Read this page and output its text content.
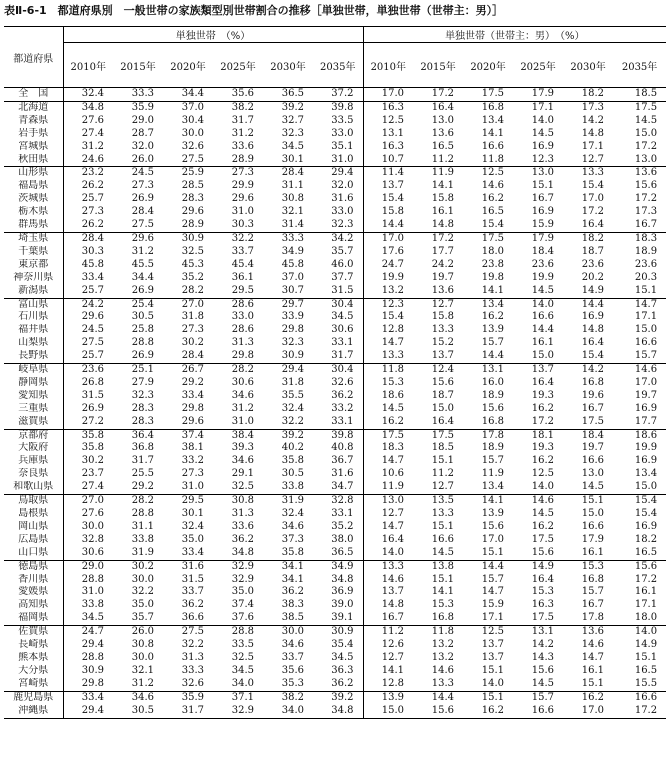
表Ⅱ-6-1　都道府県別　一般世帯の家族類型別世帯割合の推移［単独世帯，単独世帯（世帯主：男）］
都道府県	単独世帯　（%）						単独世帯（世帯主：男）　（%）					
	2010年	2015年	2020年	2025年	2030年	2035年	2010年	2015年	2020年	2025年	2030年	2035年
全　国	32.4	33.3	34.4	35.6	36.5	37.2	17.0	17.2	17.5	17.9	18.2	18.5
北海道	34.8	35.9	37.0	38.2	39.2	39.8	16.3	16.4	16.8	17.1	17.3	17.5
青森県	27.6	29.0	30.4	31.7	32.7	33.5	12.5	13.0	13.4	14.0	14.2	14.5
岩手県	27.4	28.7	30.0	31.2	32.3	33.0	13.1	13.6	14.1	14.5	14.8	15.0
宮城県	31.2	32.0	32.6	33.6	34.5	35.1	16.3	16.5	16.6	16.9	17.1	17.2
秋田県	24.6	26.0	27.5	28.9	30.1	31.0	10.7	11.2	11.8	12.3	12.7	13.0
山形県	23.2	24.5	25.9	27.3	28.4	29.4	11.4	11.9	12.5	13.0	13.3	13.6
福島県	26.2	27.3	28.5	29.9	31.1	32.0	13.7	14.1	14.6	15.1	15.4	15.6
茨城県	25.7	26.9	28.3	29.6	30.8	31.6	15.4	15.8	16.2	16.7	17.0	17.2
栃木県	27.3	28.4	29.6	31.0	32.1	33.0	15.8	16.1	16.5	16.9	17.2	17.3
群馬県	26.2	27.5	28.9	30.3	31.4	32.3	14.4	14.8	15.4	15.9	16.4	16.7
埼玉県	28.4	29.6	30.9	32.2	33.3	34.2	17.0	17.2	17.5	17.9	18.2	18.3
千葉県	30.3	31.2	32.5	33.7	34.9	35.7	17.6	17.7	18.0	18.4	18.7	18.9
東京都	45.8	45.5	45.3	45.4	45.8	46.0	24.7	24.2	23.8	23.6	23.6	23.6
神奈川県	33.4	34.4	35.2	36.1	37.0	37.7	19.9	19.7	19.8	19.9	20.2	20.3
新潟県	25.7	26.9	28.2	29.5	30.7	31.5	13.2	13.6	14.1	14.5	14.9	15.1
富山県	24.2	25.4	27.0	28.6	29.7	30.4	12.3	12.7	13.4	14.0	14.4	14.7
石川県	29.6	30.5	31.8	33.0	33.9	34.5	15.4	15.8	16.2	16.6	16.9	17.1
福井県	24.5	25.8	27.3	28.6	29.8	30.6	12.8	13.3	13.9	14.4	14.8	15.0
山梨県	27.5	28.8	30.2	31.3	32.3	33.1	14.7	15.2	15.7	16.1	16.4	16.6
長野県	25.7	26.9	28.4	29.8	30.9	31.7	13.3	13.7	14.4	15.0	15.4	15.7
岐阜県	23.6	25.1	26.7	28.2	29.4	30.4	11.8	12.4	13.1	13.7	14.2	14.6
静岡県	26.8	27.9	29.2	30.6	31.8	32.6	15.3	15.6	16.0	16.4	16.8	17.0
愛知県	31.5	32.3	33.4	34.6	35.5	36.2	18.6	18.7	18.9	19.3	19.6	19.7
三重県	26.9	28.3	29.8	31.2	32.4	33.2	14.5	15.0	15.6	16.2	16.7	16.9
滋賀県	27.2	28.3	29.6	31.0	32.2	33.1	16.2	16.4	16.8	17.2	17.5	17.7
京都府	35.8	36.4	37.4	38.4	39.2	39.8	17.5	17.5	17.8	18.1	18.4	18.6
大阪府	35.8	36.8	38.1	39.3	40.2	40.8	18.3	18.5	18.9	19.3	19.7	19.9
兵庫県	30.2	31.7	33.2	34.6	35.8	36.7	14.7	15.1	15.7	16.2	16.6	16.9
奈良県	23.7	25.5	27.3	29.1	30.5	31.6	10.6	11.2	11.9	12.5	13.0	13.4
和歌山県	27.4	29.2	31.0	32.5	33.8	34.7	11.9	12.7	13.4	14.0	14.5	15.0
鳥取県	27.0	28.2	29.5	30.8	31.9	32.8	13.0	13.5	14.1	14.6	15.1	15.4
島根県	27.6	28.8	30.1	31.3	32.4	33.1	12.7	13.3	13.9	14.5	15.0	15.4
岡山県	30.0	31.1	32.4	33.6	34.6	35.2	14.7	15.1	15.6	16.2	16.6	16.9
広島県	32.8	33.8	35.0	36.2	37.3	38.0	16.4	16.6	17.0	17.5	17.9	18.2
山口県	30.6	31.9	33.4	34.8	35.8	36.5	14.0	14.5	15.1	15.6	16.1	16.5
徳島県	29.0	30.2	31.6	32.9	34.1	34.9	13.3	13.8	14.4	14.9	15.3	15.6
香川県	28.8	30.0	31.5	32.9	34.1	34.8	14.6	15.1	15.7	16.4	16.8	17.2
愛媛県	31.0	32.2	33.7	35.0	36.2	36.9	13.7	14.1	14.7	15.3	15.7	16.1
高知県	33.8	35.0	36.2	37.4	38.3	39.0	14.8	15.3	15.9	16.3	16.7	17.1
福岡県	34.5	35.7	36.6	37.6	38.5	39.1	16.7	16.8	17.1	17.5	17.8	18.0
佐賀県	24.7	26.0	27.5	28.8	30.0	30.9	11.2	11.8	12.5	13.1	13.6	14.0
長崎県	29.4	30.8	32.2	33.5	34.6	35.4	12.6	13.2	13.7	14.2	14.6	14.9
熊本県	28.8	30.0	31.3	32.5	33.7	34.5	12.7	13.2	13.7	14.3	14.7	15.1
大分県	30.9	32.1	33.3	34.5	35.6	36.3	14.1	14.6	15.1	15.6	16.1	16.5
宮崎県	29.8	31.2	32.6	34.0	35.3	36.2	12.8	13.3	14.0	14.5	15.1	15.5
鹿児島県	33.4	34.6	35.9	37.1	38.2	39.2	13.9	14.4	15.1	15.7	16.2	16.6
沖縄県	29.4	30.5	31.7	32.9	34.0	34.8	15.0	15.6	16.2	16.6	17.0	17.2
